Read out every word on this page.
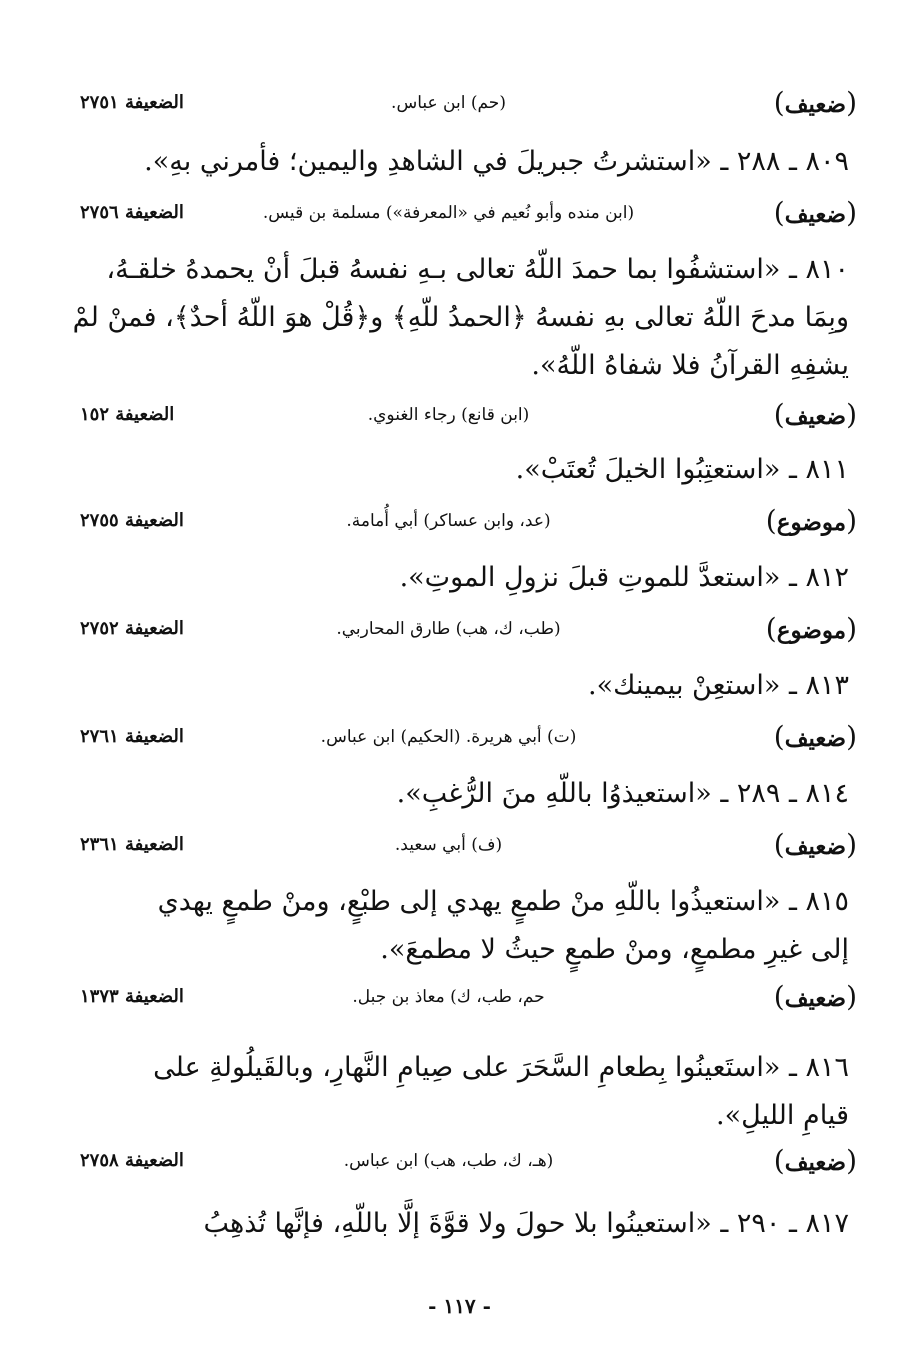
(ضعيف)
(حم) ابن عباس.
الضعيفة ٢٧٥١
٨٠٩ ـ ٢٨٨ ـ «استشرتُ جبريلَ في الشاهدِ واليمين؛ فأمرني بهِ».
(ضعيف)
(ابن منده وأبو نُعيم في «المعرفة») مسلمة بن قيس.
الضعيفة ٢٧٥٦
٨١٠ ـ «استشفُوا بما حمدَ اللّهُ تعالى بـهِ نفسهُ قبلَ أنْ يحمدهُ خلقـهُ،
وبِمَا مدحَ اللّهُ تعالى بهِ نفسهُ ﴿الحمدُ للّهِ﴾ و﴿قُلْ هوَ اللّهُ أحدٌ﴾، فمنْ لمْ
يشفِهِ القرآنُ فلا شفاهُ اللّهُ».
(ضعيف)
(ابن قانع) رجاء الغنوي.
الضعيفة ١٥٢
٨١١ ـ «استعتِبُوا الخيلَ تُعتَبْ».
(موضوع)
(عد، وابن عساكر) أبي أُمامة.
الضعيفة ٢٧٥٥
٨١٢ ـ «استعدَّ للموتِ قبلَ نزولِ الموتِ».
(موضوع)
(طب، ك، هب) طارق المحاربي.
الضعيفة ٢٧٥٢
٨١٣ ـ «استعِنْ بيمينك».
(ضعيف)
(ت) أبي هريرة. (الحكيم) ابن عباس.
الضعيفة ٢٧٦١
٨١٤ ـ ٢٨٩ ـ «استعيذوُا باللّهِ منَ الرُّغبِ».
(ضعيف)
(ف) أبي سعيد.
الضعيفة ٢٣٦١
٨١٥ ـ «استعيذُوا باللّهِ منْ طمعٍ يهدي إلى طبْعٍ، ومنْ طمعٍ يهدي
إلى غيرِ مطمعٍ، ومنْ طمعٍ حيثُ لا مطمعَ».
(ضعيف)
حم، طب، ك) معاذ بن جبل.
الضعيفة ١٣٧٣
٨١٦ ـ «استَعينُوا بِطعامِ السَّحَرَ على صِيامِ النَّهارِ، وبالقَيلُولةِ على
قيامِ الليلِ».
(ضعيف)
(هـ، ك، طب، هب) ابن عباس.
الضعيفة ٢٧٥٨
٨١٧ ـ ٢٩٠ ـ «استعينُوا بلا حولَ ولا قوَّةَ إلَّا باللّهِ، فإنَّها تُذهِبُ
- ١١٧ -
